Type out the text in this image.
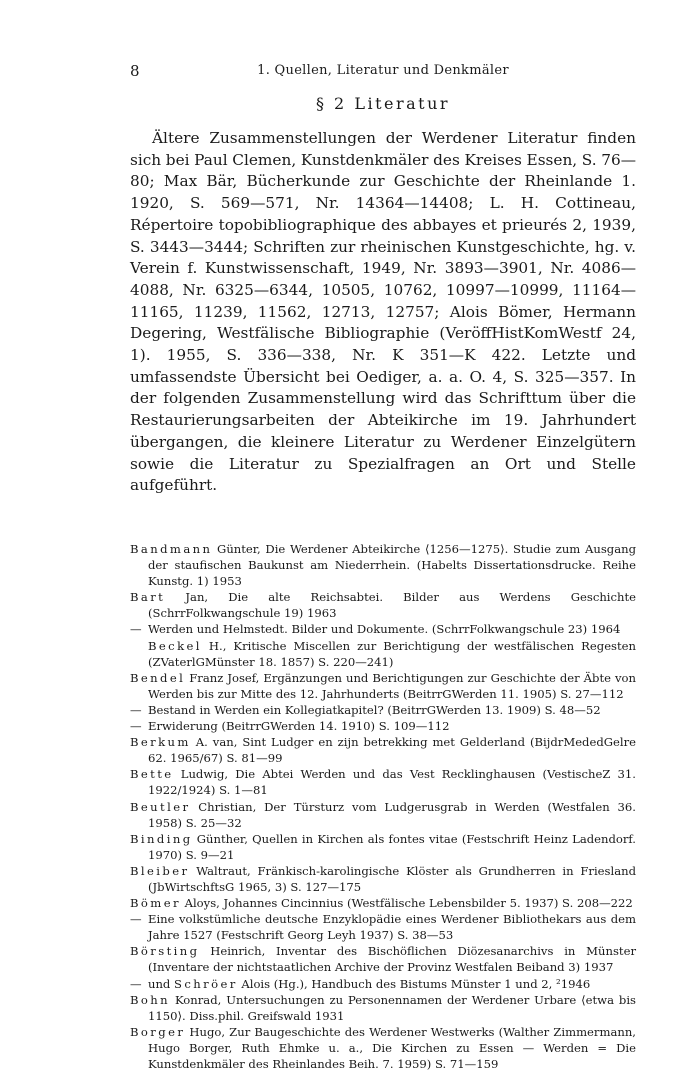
8	1. Quellen, Literatur und Denkmäler
§ 2 Literatur

Ältere Zusammenstellungen der Werdener Literatur finden sich bei Paul Clemen, Kunstdenkmäler des Kreises Essen, S. 76—80; Max Bär, Bücherkunde zur Geschichte der Rheinlande 1. 1920, S. 569—571, Nr. 14364—14408; L. H. Cottineau, Répertoire topobibliographique des abbayes et prieurés 2, 1939, S. 3443—3444; Schriften zur rheinischen Kunstgeschichte, hg. v. Verein f. Kunstwissenschaft, 1949, Nr. 3893—3901, Nr. 4086—4088, Nr. 6325—6344, 10505, 10762, 10997—10999, 11164—11165, 11239, 11562, 12713, 12757; Alois Bömer, Hermann Degering, Westfälische Bibliographie (VeröffHistKomWestf 24, 1). 1955, S. 336—338, Nr. K 351—K 422. Letzte und umfassendste Übersicht bei Oediger, a. a. O. 4, S. 325—357. In der folgenden Zusammenstellung wird das Schrifttum über die Restaurierungsarbeiten der Abteikirche im 19. Jahrhundert übergangen, die kleinere Literatur zu Werdener Einzelgütern sowie die Literatur zu Spezialfragen an Ort und Stelle aufgeführt.

Bandmann Günter, Die Werdener Abteikirche ⟨1256—1275⟩. Studie zum Ausgang der staufischen Baukunst am Niederrhein. (Habelts Dissertationsdrucke. Reihe Kunstg. 1) 1953
Bart Jan, Die alte Reichsabtei. Bilder aus Werdens Geschichte (SchrrFolkwangschule 19) 1963
— Werden und Helmstedt. Bilder und Dokumente. (SchrrFolkwangschule 23) 1964
Beckel H., Kritische Miscellen zur Berichtigung der westfälischen Regesten (ZVaterlGMünster 18. 1857) S. 220—241)
Bendel Franz Josef, Ergänzungen und Berichtigungen zur Geschichte der Äbte von Werden bis zur Mitte des 12. Jahrhunderts (BeitrrGWerden 11. 1905) S. 27—112
— Bestand in Werden ein Kollegiatkapitel? (BeitrrGWerden 13. 1909) S. 48—52
— Erwiderung (BeitrrGWerden 14. 1910) S. 109—112
Berkum A. van, Sint Ludger en zijn betrekking met Gelderland (BijdrMededGelre 62. 1965/67) S. 81—99
Bette Ludwig, Die Abtei Werden und das Vest Recklinghausen (VestischeZ 31. 1922/1924) S. 1—81
Beutler Christian, Der Türsturz vom Ludgerusgrab in Werden (Westfalen 36. 1958) S. 25—32
Binding Günther, Quellen in Kirchen als fontes vitae (Festschrift Heinz Ladendorf. 1970) S. 9—21
Bleiber Waltraut, Fränkisch-karolingische Klöster als Grundherren in Friesland (JbWirtschftsG 1965, 3) S. 127—175
Bömer Aloys, Johannes Cincinnius (Westfälische Lebensbilder 5. 1937) S. 208—222
— Eine volkstümliche deutsche Enzyklopädie eines Werdener Bibliothekars aus dem Jahre 1527 (Festschrift Georg Leyh 1937) S. 38—53
Börsting Heinrich, Inventar des Bischöflichen Diözesanarchivs in Münster (Inventare der nichtstaatlichen Archive der Provinz Westfalen Beiband 3) 1937
— und Schröer Alois (Hg.), Handbuch des Bistums Münster 1 und 2, ²1946
Bohn Konrad, Untersuchungen zu Personennamen der Werdener Urbare ⟨etwa bis 1150⟩. Diss.phil. Greifswald 1931
Borger Hugo, Zur Baugeschichte des Werdener Westwerks (Walther Zimmermann, Hugo Borger, Ruth Ehmke u. a., Die Kirchen zu Essen — Werden = Die Kunstdenkmäler des Rheinlandes Beih. 7. 1959) S. 71—159
